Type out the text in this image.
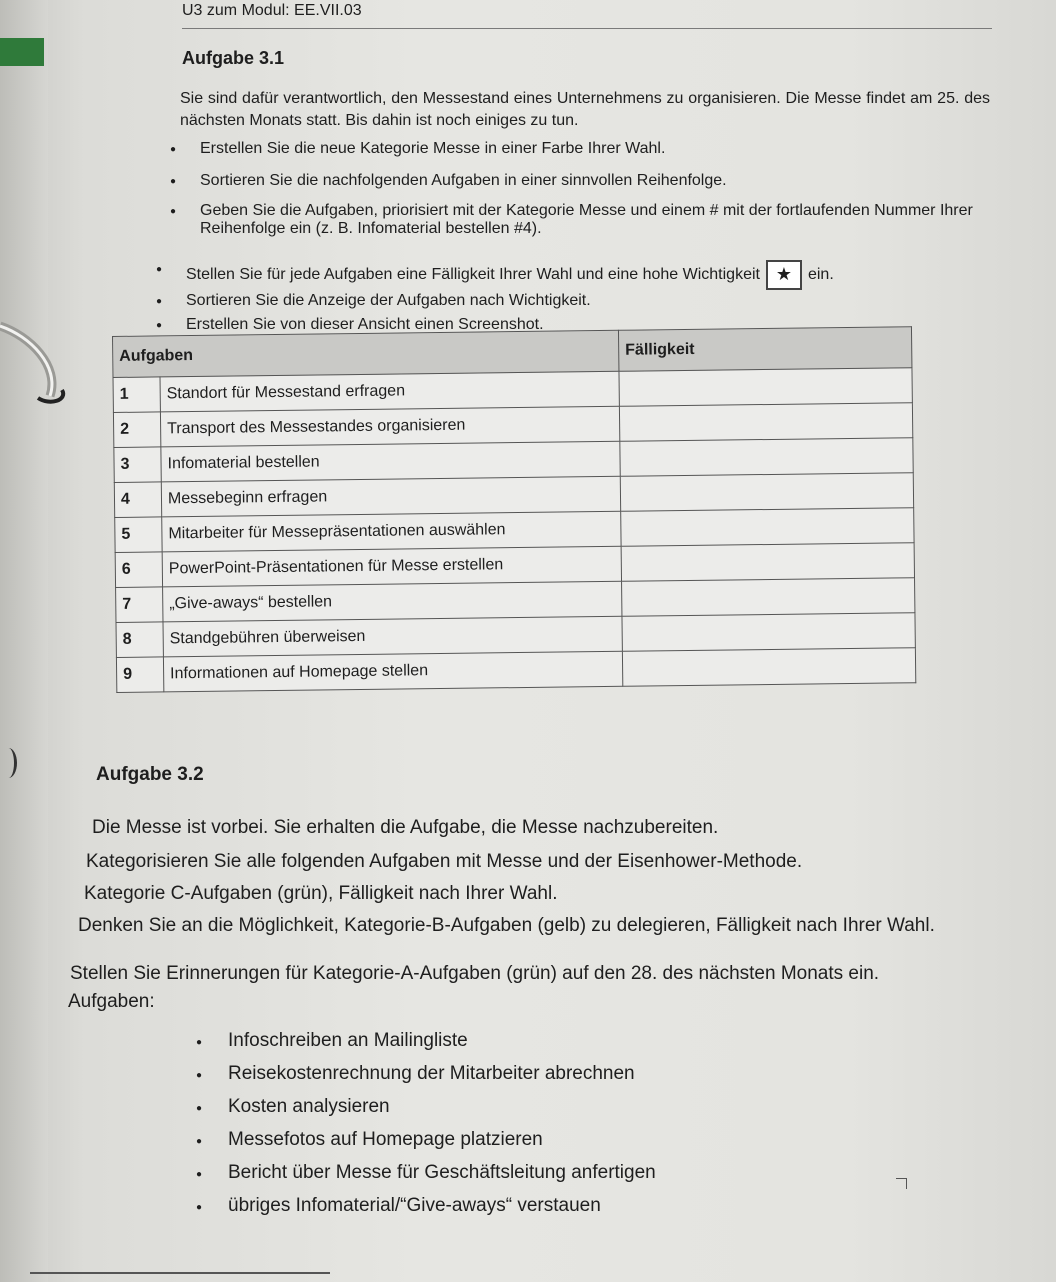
U3 zum Modul: EE.VII.03
Aufgabe 3.1
Sie sind dafür verantwortlich, den Messestand eines Unternehmens zu organisieren. Die Messe findet am 25. des nächsten Monats statt. Bis dahin ist noch einiges zu tun.
● Erstellen Sie die neue Kategorie Messe in einer Farbe Ihrer Wahl.
● Sortieren Sie die nachfolgenden Aufgaben in einer sinnvollen Reihenfolge.
● Geben Sie die Aufgaben, priorisiert mit der Kategorie Messe und einem # mit der fortlaufenden Nummer Ihrer Reihenfolge ein (z. B. Infomaterial bestellen #4).
● Stellen Sie für jede Aufgaben eine Fälligkeit Ihrer Wahl und eine hohe Wichtigkeit ★ ein.
● Sortieren Sie die Anzeige der Aufgaben nach Wichtigkeit.
● Erstellen Sie von dieser Ansicht einen Screenshot.
Aufgaben		Fälligkeit
1	Standort für Messestand erfragen	
2	Transport des Messestandes organisieren	
3	Infomaterial bestellen	
4	Messebeginn erfragen	
5	Mitarbeiter für Messepräsentationen auswählen	
6	PowerPoint-Präsentationen für Messe erstellen	
7	„Give-aways“ bestellen	
8	Standgebühren überweisen	
9	Informationen auf Homepage stellen	
Aufgabe 3.2
Die Messe ist vorbei. Sie erhalten die Aufgabe, die Messe nachzubereiten.
Kategorisieren Sie alle folgenden Aufgaben mit Messe und der Eisenhower-Methode.
Kategorie C-Aufgaben (grün), Fälligkeit nach Ihrer Wahl.
Denken Sie an die Möglichkeit, Kategorie-B-Aufgaben (gelb) zu delegieren, Fälligkeit nach Ihrer Wahl.
Stellen Sie Erinnerungen für Kategorie-A-Aufgaben (grün) auf den 28. des nächsten Monats ein.
Aufgaben:
● Infoschreiben an Mailingliste
● Reisekostenrechnung der Mitarbeiter abrechnen
● Kosten analysieren
● Messefotos auf Homepage platzieren
● Bericht über Messe für Geschäftsleitung anfertigen
● übriges Infomaterial/“Give-aways“ verstauen
